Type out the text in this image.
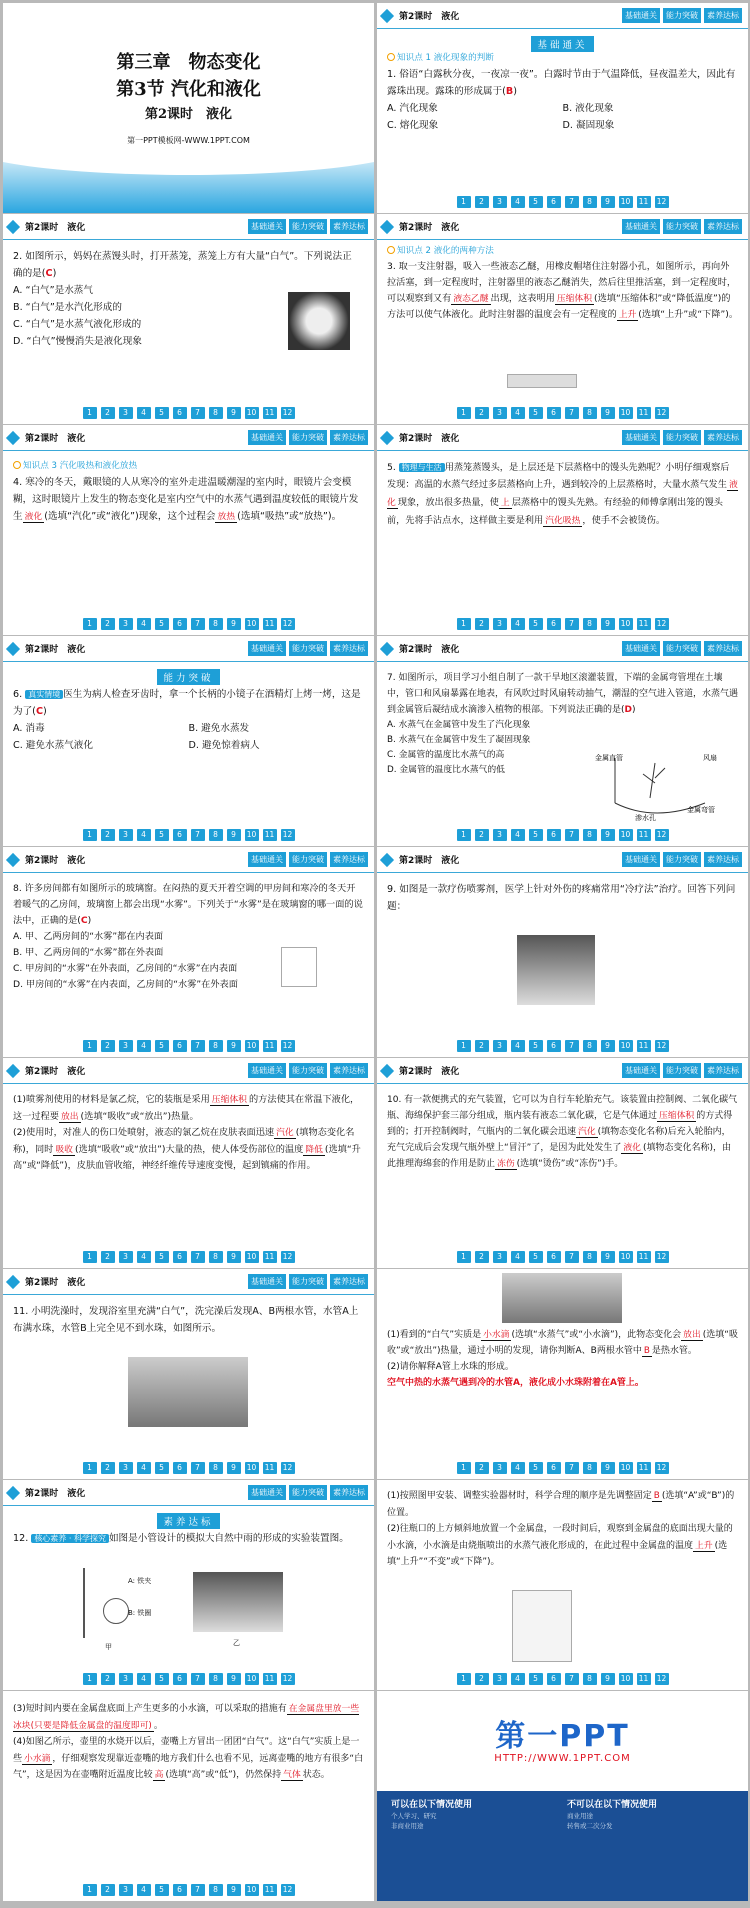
第三章　物态变化
第3节 汽化和液化
第2课时　液化
第一PPT模板网-WWW.1PPT.COM
第2课时　液化	基础通关	能力突破	素养达标
基础通关
知识点 1 液化现象的判断

1. 俗语“白露秋分夜，一夜凉一夜”。白露时节由于气温降低，昼夜温差大，因此有露珠出现。露珠的形成属于(B)

A. 汽化现象	B. 液化现象
C. 熔化现象	D. 凝固现象
1	2	3	4	5	6	7	8	9	10 11 12
第2课时　液化	基础通关	能力突破	素养达标

2. 如图所示，妈妈在蒸馒头时，打开蒸笼，蒸笼上方有大量“白气”。下列说法正确的是(C)

A. “白气”是水蒸气

B. “白气”是水汽化形成的

C. “白气”是水蒸气液化形成的

D. “白气”慢慢消失是液化现象

1	2	3	4	5	6	7	8	9	10 11 12
第2课时　液化	基础通关	能力突破	素养达标
知识点 2 液化的两种方法

3. 取一支注射器，吸入一些液态乙醚，用橡皮帽堵住注射器小孔，如图所示，再向外拉活塞，到一定程度时，注射器里的液态乙醚消失，然后往里推活塞，到一定程度时，可以观察到又有 液态乙醚 出现，这表明用 压缩体积 (选填“压缩体积”或“降低温度”)的方法可以使气体液化。此时注射器的温度会有一定程度的 上升 (选填“上升”或“下降”)。

1	2	3	4	5	6	7	8	9	10 11 12
第2课时　液化	基础通关	能力突破	素养达标
知识点 3 汽化吸热和液化放热

4. 寒冷的冬天，戴眼镜的人从寒冷的室外走进温暖潮湿的室内时，眼镜片会变模糊，这时眼镜片上发生的物态变化是室内空气中的水蒸气遇到温度较低的眼镜片发生 液化 (选填“汽化”或“液化”)现象，这个过程会 放热 (选填“吸热”或“放热”)。

1	2	3	4	5	6	7	8	9	10 11 12
第2课时　液化	基础通关	能力突破	素养达标

5. 物理与生活 用蒸笼蒸馒头，是上层还是下层蒸格中的馒头先熟呢？小明仔细观察后发现：高温的水蒸气经过多层蒸格向上升，遇到较冷的上层蒸格时，大量水蒸气发生 液化 现象，放出很多热量，使 上 层蒸格中的馒头先熟。有经验的师傅拿刚出笼的馒头前，先将手沾点水，这样做主要是利用 汽化吸热 ，使手不会被烫伤。

1	2	3	4	5	6	7	8	9	10 11 12
第2课时　液化	基础通关	能力突破	素养达标
能力突破

6. 真实情境 医生为病人检查牙齿时，拿一个长柄的小镜子在酒精灯上烤一烤，这是为了(C)

A. 消毒	B. 避免水蒸发
C. 避免水蒸气液化	D. 避免惊着病人
1	2	3	4	5	6	7	8	9	10 11 12
第2课时　液化	基础通关	能力突破	素养达标

7. 如图所示，项目学习小组自制了一款干旱地区滚灌装置，下端的金属弯管埋在土壤中，管口和风扇暴露在地表，有风吹过时风扇转动抽气，潮湿的空气进入管道，水蒸气遇到金属管后凝结成水滴渗入植物的根部。下列说法正确的是(D)

A. 水蒸气在金属管中发生了汽化现象

B. 水蒸气在金属管中发生了凝固现象

C. 金属管的温度比水蒸气的高

D. 金属管的温度比水蒸气的低

金属直管	风扇
渗水孔
金属弯管
1	2	3	4	5	6	7	8	9	10 11 12
第2课时　液化	基础通关	能力突破	素养达标

8. 许多房间都有如图所示的玻璃窗。在闷热的夏天开着空调的甲房间和寒冷的冬天开着暖气的乙房间，玻璃窗上都会出现“水雾”。下列关于“水雾”是在玻璃窗的哪一面的说法中，正确的是(C)

A. 甲、乙两房间的“水雾”都在内表面

B. 甲、乙两房间的“水雾”都在外表面

C. 甲房间的“水雾”在外表面，乙房间的“水雾”在内表面

D. 甲房间的“水雾”在内表面，乙房间的“水雾”在外表面

1	2	3	4	5	6	7	8	9	10 11 12
第2课时　液化	基础通关	能力突破	素养达标

9. 如图是一款疗伤喷雾剂，医学上针对外伤的疼痛常用“冷疗法”治疗。回答下列问题：

1	2	3	4	5	6	7	8	9	10 11 12
第2课时　液化	基础通关	能力突破	素养达标

(1)喷雾剂使用的材料是氯乙烷，它的装瓶是采用 压缩体积 的方法使其在常温下液化，这一过程要 放出 (选填“吸收”或“放出”)热量。

(2)使用时，对准人的伤口处喷射，液态的氯乙烷在皮肤表面迅速 汽化 (填物态变化名称)，同时 吸收 (选填“吸收”或“放出”)大量的热，使人体受伤部位的温度 降低 (选填“升高”或“降低”)，皮肤血管收缩，神经纤维传导速度变慢，起到镇痛的作用。

1	2	3	4	5	6	7	8	9	10 11 12
第2课时　液化	基础通关	能力突破	素养达标

10. 有一款便携式的充气装置，它可以为自行车轮胎充气。该装置由控制阀、二氧化碳气瓶、海绵保护套三部分组成，瓶内装有液态二氧化碳，它是气体通过 压缩体积 的方式得到的；打开控制阀时，气瓶内的二氧化碳会迅速 汽化 (填物态变化名称)后充入轮胎内，充气完成后会发现气瓶外壁上“冒汗”了，是因为此处发生了 液化 (填物态变化名称)，由此推理海绵套的作用是防止 冻伤 (选填“烫伤”或“冻伤”)手。

1	2	3	4	5	6	7	8	9	10 11 12
第2课时　液化	基础通关	能力突破	素养达标

11. 小明洗澡时，发现浴室里充满“白气”，洗完澡后发现A、B两根水管，水管A上布满水珠，水管B上完全见不到水珠，如图所示。

1	2	3	4	5	6	7	8	9	10 11 12

(1)看到的“白气”实质是 小水滴 (选填“水蒸气”或“小水滴”)，此物态变化会 放出 (选填“吸收”或“放出”)热量，通过小明的发现，请你判断A、B两根水管中 B 是热水管。

(2)请你解释A管上水珠的形成。

空气中热的水蒸气遇到冷的水管A，液化成小水珠附着在A管上。

1	2	3	4	5	6	7	8	9	10 11 12
第2课时　液化	基础通关	能力突破	素养达标
素养达标

12. 核心素养 · 科学探究 如图是小管设计的模拟大自然中雨的形成的实验装置图。

A: 铁夹
B: 铁圈
甲	乙
1	2	3	4	5	6	7	8	9	10 11 12

(1)按照图甲安装、调整实验器材时，科学合理的顺序是先调整固定 B (选填“A”或“B”)的位置。

(2)往瓶口的上方倾斜地放置一个金属盘，一段时间后，观察到金属盘的底面出现大量的小水滴，小水滴是由烧瓶喷出的水蒸气液化形成的，在此过程中金属盘的温度 上升 (选填“上升”“不变”或“下降”)。

1	2	3	4	5	6	7	8	9	10 11 12

(3)短时间内要在金属盘底面上产生更多的小水滴，可以采取的措施有 在金属盘里放一些冰块(只要是降低金属盘的温度即可) 。

(4)如图乙所示，壶里的水烧开以后，壶嘴上方冒出一团团“白气”。这“白气”实质上是一些 小水滴 ，仔细观察发现靠近壶嘴的地方我们什么也看不见，远离壶嘴的地方有很多“白气”，这是因为在壶嘴附近温度比较 高 (选填“高”或“低”)，仍然保持 气体 状态。

1	2	3	4	5	6	7	8	9	10 11 12
第一PPT
HTTP://WWW.1PPT.COM
可以在以下情况使用

个人学习、研究

非商业用途

不可以在以下情况使用

商业用途

转售或二次分发
